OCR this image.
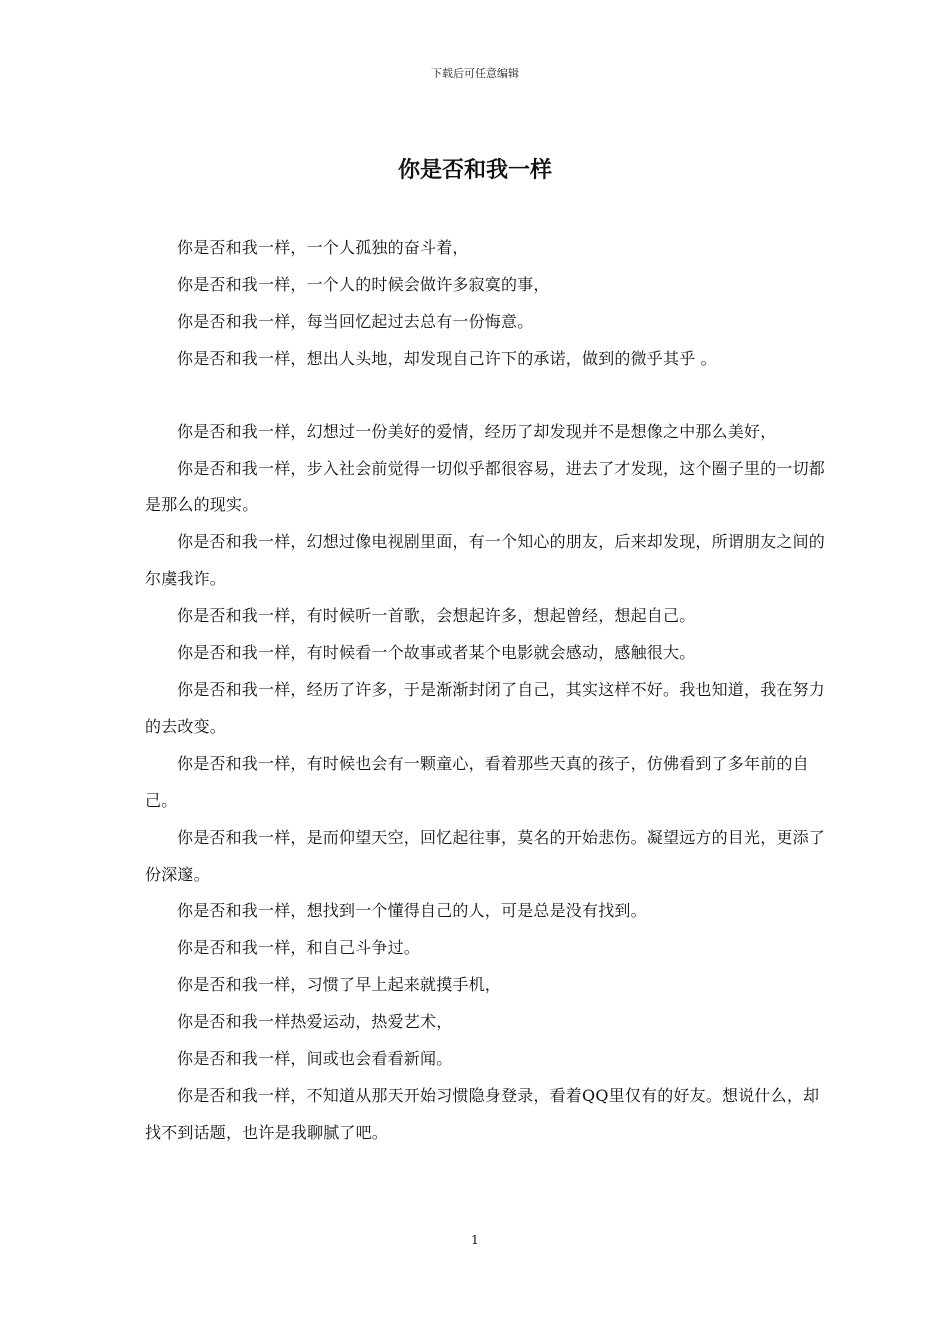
下载后可任意编辑
你是否和我一样

你是否和我一样，一个人孤独的奋斗着，

你是否和我一样，一个人的时候会做许多寂寞的事，

你是否和我一样，每当回忆起过去总有一份悔意。

你是否和我一样，想出人头地，却发现自己许下的承诺，做到的微乎其乎 。

你是否和我一样，幻想过一份美好的爱情，经历了却发现并不是想像之中那么美好，

你是否和我一样，步入社会前觉得一切似乎都很容易，进去了才发现，这个圈子里的一切都是那么的现实。

你是否和我一样，幻想过像电视剧里面，有一个知心的朋友，后来却发现，所谓朋友之间的尔虞我诈。

你是否和我一样，有时候听一首歌，会想起许多，想起曾经，想起自己。

你是否和我一样，有时候看一个故事或者某个电影就会感动，感触很大。

你是否和我一样，经历了许多，于是渐渐封闭了自己，其实这样不好。我也知道，我在努力的去改变。

你是否和我一样，有时候也会有一颗童心，看着那些天真的孩子，仿佛看到了多年前的自己。

你是否和我一样，是而仰望天空，回忆起往事，莫名的开始悲伤。凝望远方的目光，更添了份深邃。

你是否和我一样，想找到一个懂得自己的人，可是总是没有找到。

你是否和我一样，和自己斗争过。

你是否和我一样，习惯了早上起来就摸手机，

你是否和我一样热爱运动，热爱艺术，

你是否和我一样，间或也会看看新闻。

你是否和我一样，不知道从那天开始习惯隐身登录，看着QQ里仅有的好友。想说什么，却找不到话题，也许是我聊腻了吧。

1
